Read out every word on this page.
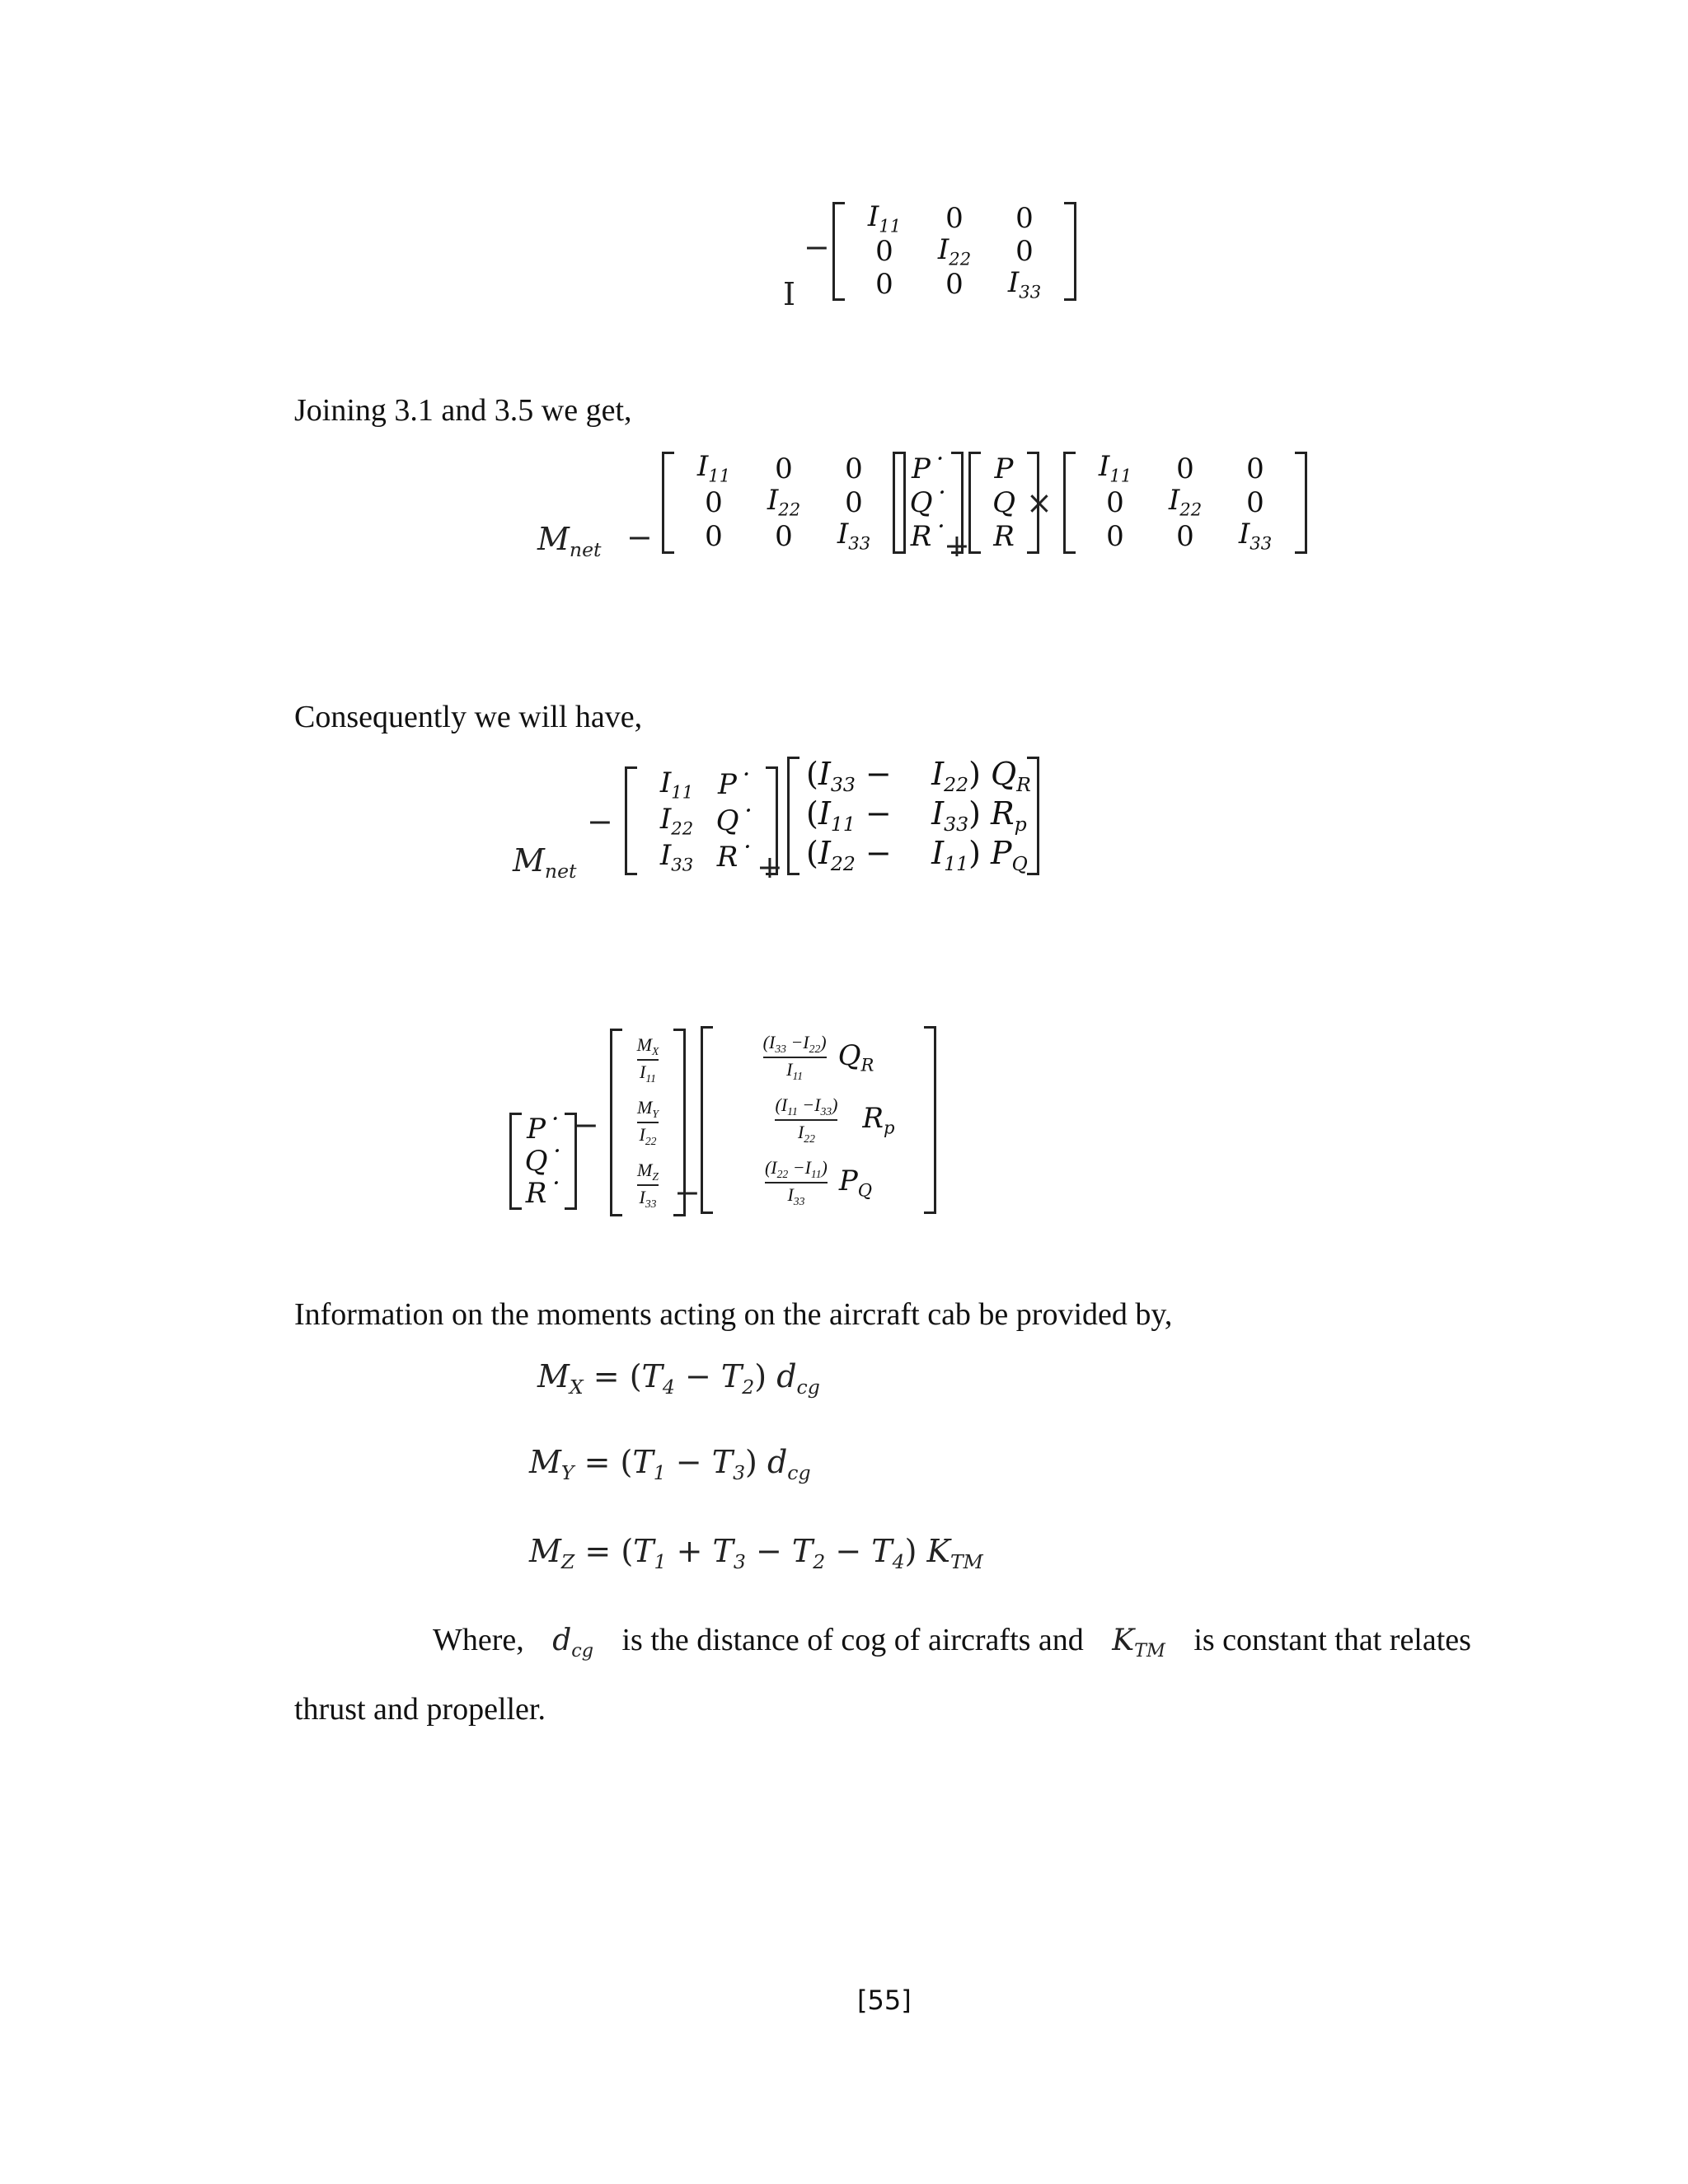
I
−
$I_{11}$ 0 0
0 $I_{22}$ 0
0 0 $I_{33}$
Joining 3.1 and 3.5 we get,
$M_{net}$ −
$I_{11}$ 0 0
0 $I_{22}$ 0
0 0 $I_{33}$
P˙
Q˙
R˙
+
P
Q
R
×
$I_{11}$ 0 0
0 $I_{22}$ 0
0 0 $I_{33}$
Consequently we will have,
$M_{net}$
−
$I_{11}$ P˙
$I_{22}$ Q˙
$I_{33}$ R˙ +
$(I_{33} - I_{22})$ $Q_R$
$(I_{11} - I_{33})$ $R_p$
$(I_{22} - I_{11})$ $P_Q$
P˙
Q˙
R˙
−
$\frac{M_X}{I_{11}}$
$\frac{M_Y}{I_{22}}$
$\frac{M_Z}{I_{33}}$ −
$\frac{(I_{33} -I_{22})}{I_{11}} Q_R$
$\frac{(I_{11} -I_{33})}{I_{22}} R_p$
$\frac{(I_{22} -I_{11})}{I_{33}} P_Q$
Information on the moments acting on the aircraft cab be provided by,
$M_X = (T_4 - T_2)$ $d_{cg}$
$M_Y = (T_1 - T_3)$ $d_{cg}$
$M_Z = (T_1 + T_3 - T_2 - T_4)$ $K_{TM}$
Where, $d_{cg}$ is the distance of cog of aircrafts and $K_{TM}$ is constant that relates
thrust and propeller.
[55]
